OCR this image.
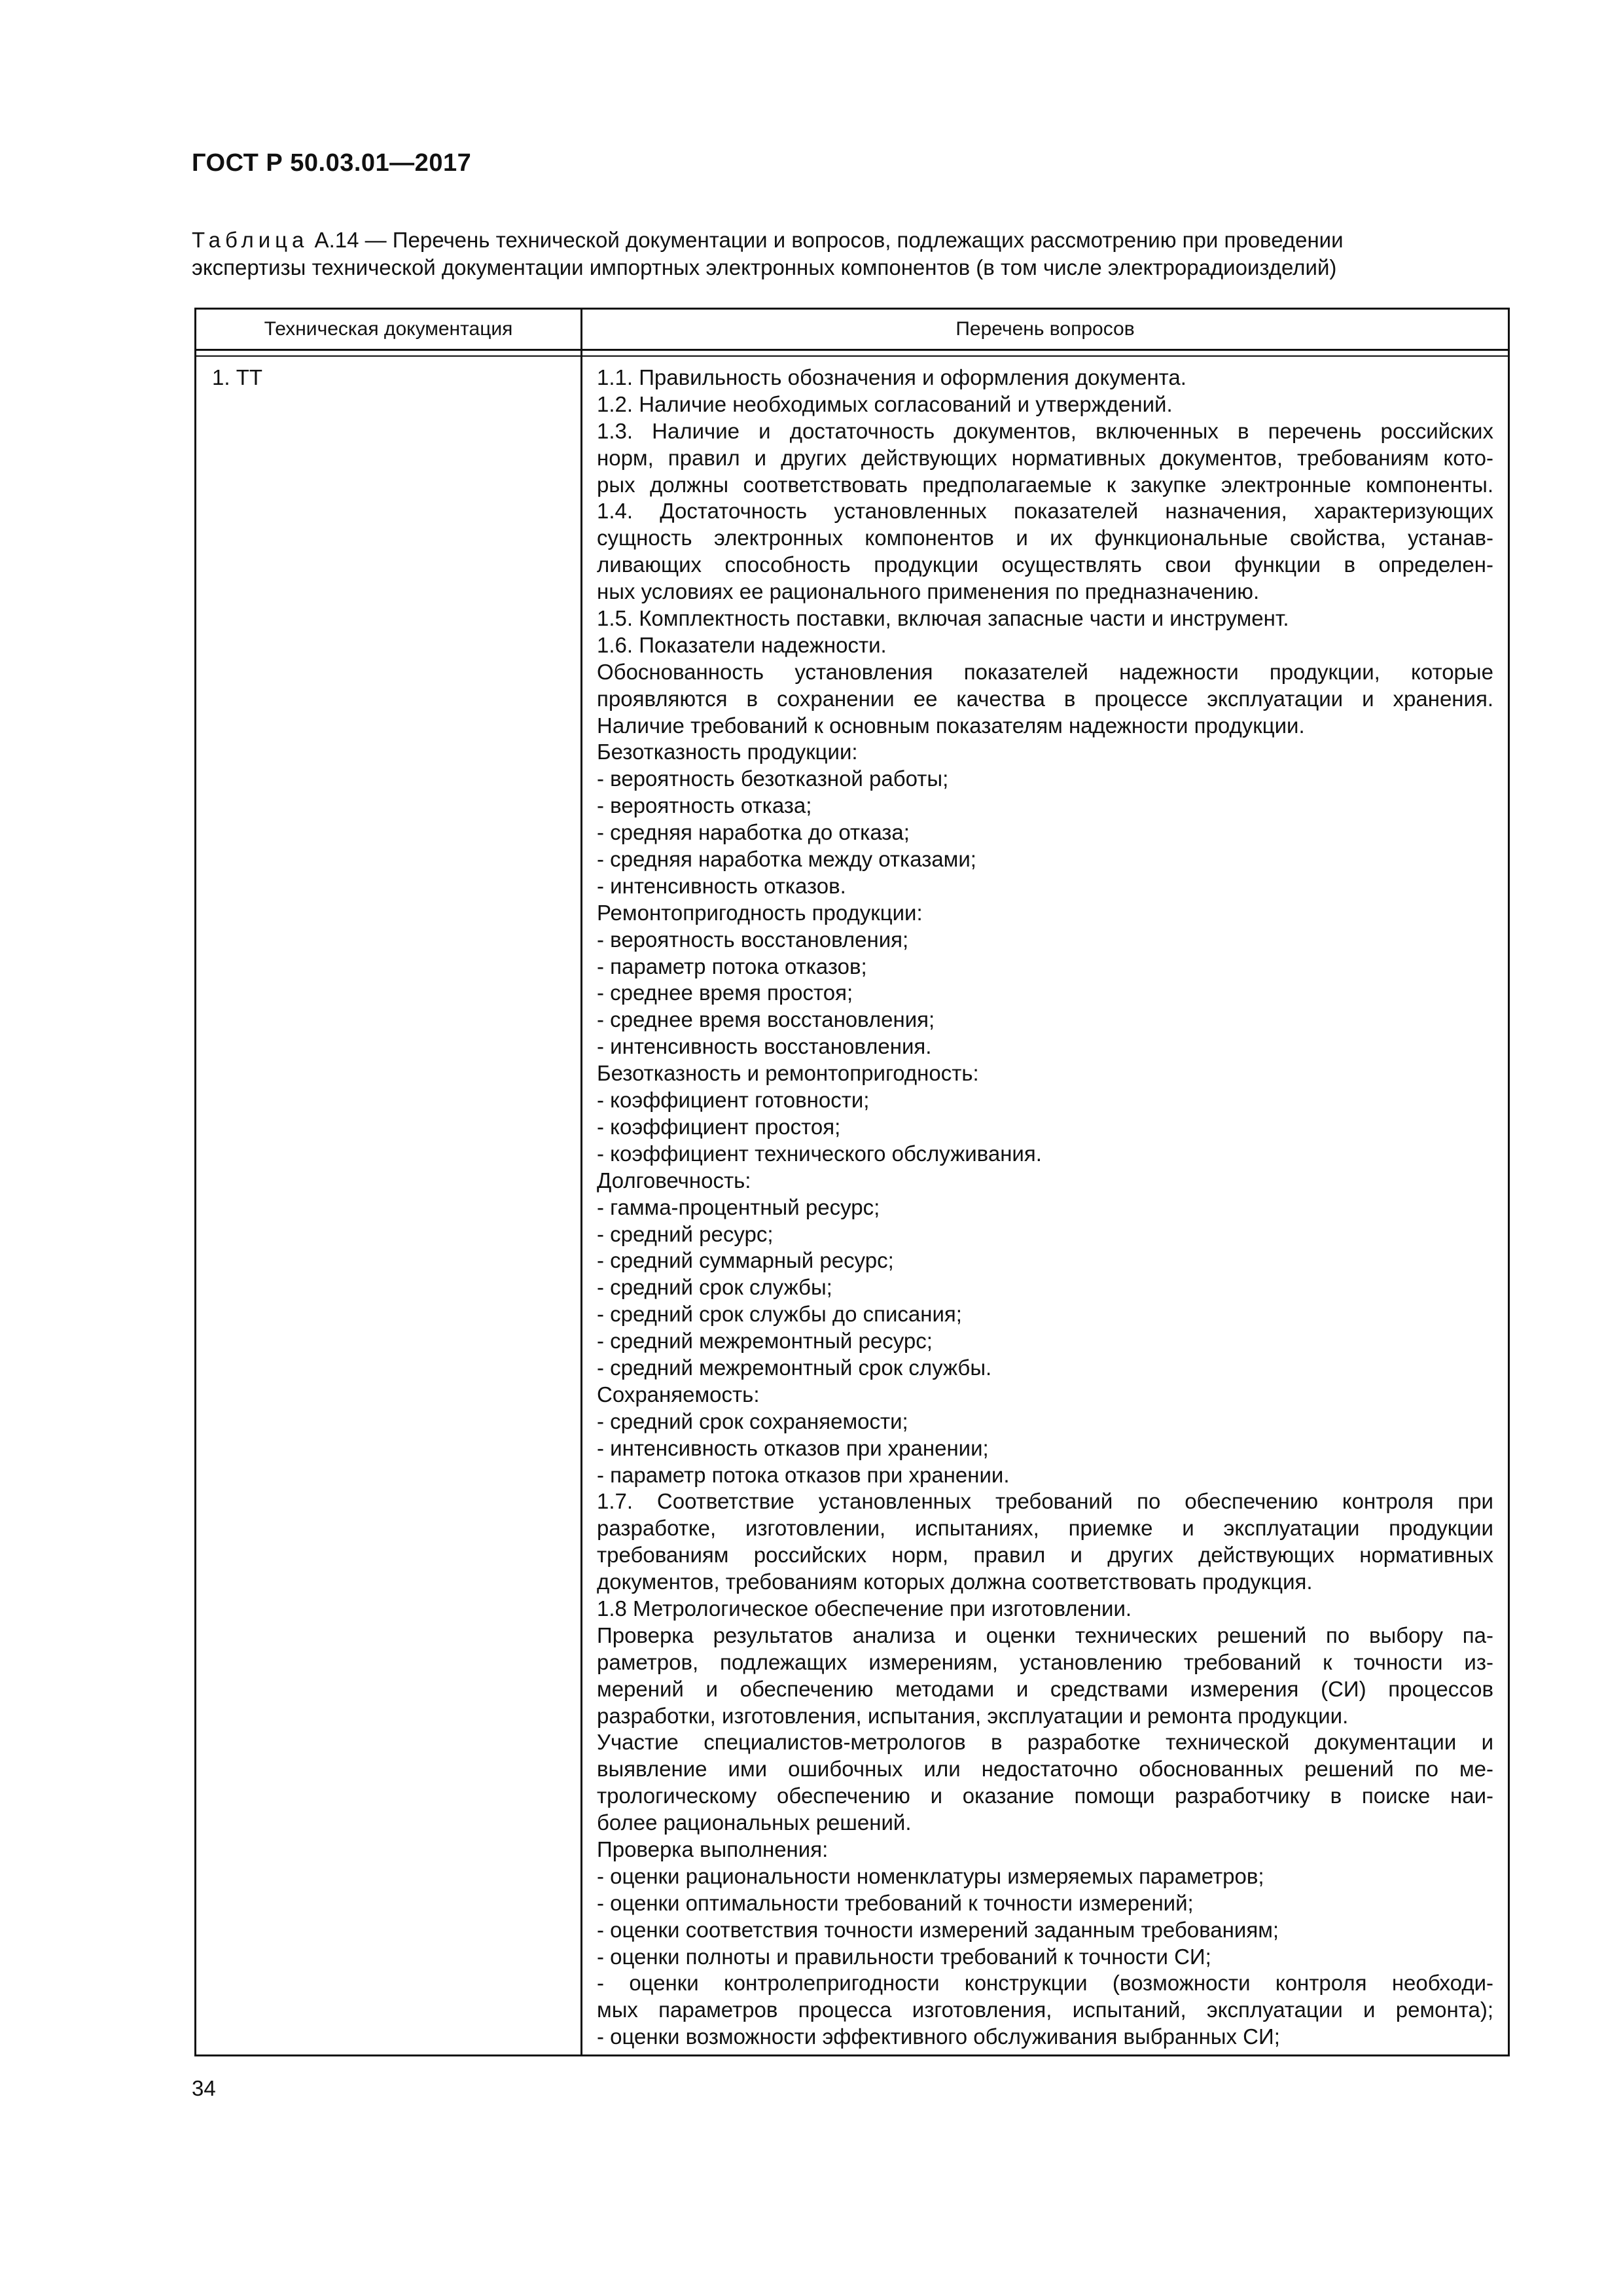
ГОСТ Р 50.03.01—2017
Таблица А.14 — Перечень технической документации и вопросов, подлежащих рассмотрению при проведении
экспертизы технической документации импортных электронных компонентов (в том числе электрорадиоизделий)
Техническая документация	Перечень вопросов
1. ТТ	1.1. Правильность обозначения и оформления документа.
1.2. Наличие необходимых согласований и утверждений.
1.3. Наличие и достаточность документов, включенных в перечень российских
норм, правил и других действующих нормативных документов, требованиям кото-
рых должны соответствовать предполагаемые к закупке электронные компоненты.
1.4. Достаточность установленных показателей назначения, характеризующих
сущность электронных компонентов и их функциональные свойства, устанав-
ливающих способность продукции осуществлять свои функции в определен-
ных условиях ее рационального применения по предназначению.
1.5. Комплектность поставки, включая запасные части и инструмент.
1.6. Показатели надежности.
Обоснованность установления показателей надежности продукции, которые
проявляются в сохранении ее качества в процессе эксплуатации и хранения.
Наличие требований к основным показателям надежности продукции.
Безотказность продукции:
- вероятность безотказной работы;
- вероятность отказа;
- средняя наработка до отказа;
- средняя наработка между отказами;
- интенсивность отказов.
Ремонтопригодность продукции:
- вероятность восстановления;
- параметр потока отказов;
- среднее время простоя;
- среднее время восстановления;
- интенсивность восстановления.
Безотказность и ремонтопригодность:
- коэффициент готовности;
- коэффициент простоя;
- коэффициент технического обслуживания.
Долговечность:
- гамма-процентный ресурс;
- средний ресурс;
- средний суммарный ресурс;
- средний срок службы;
- средний срок службы до списания;
- средний межремонтный ресурс;
- средний межремонтный срок службы.
Сохраняемость:
- средний срок сохраняемости;
- интенсивность отказов при хранении;
- параметр потока отказов при хранении.
1.7. Соответствие установленных требований по обеспечению контроля при
разработке, изготовлении, испытаниях, приемке и эксплуатации продукции
требованиям российских норм, правил и других действующих нормативных
документов, требованиям которых должна соответствовать продукция.
1.8 Метрологическое обеспечение при изготовлении.
Проверка результатов анализа и оценки технических решений по выбору па-
раметров, подлежащих измерениям, установлению требований к точности из-
мерений и обеспечению методами и средствами измерения (СИ) процессов
разработки, изготовления, испытания, эксплуатации и ремонта продукции.
Участие специалистов-метрологов в разработке технической документации и
выявление ими ошибочных или недостаточно обоснованных решений по ме-
трологическому обеспечению и оказание помощи разработчику в поиске наи-
более рациональных решений.
Проверка выполнения:
- оценки рациональности номенклатуры измеряемых параметров;
- оценки оптимальности требований к точности измерений;
- оценки соответствия точности измерений заданным требованиям;
- оценки полноты и правильности требований к точности СИ;
- оценки контролепригодности конструкции (возможности контроля необходи-
мых параметров процесса изготовления, испытаний, эксплуатации и ремонта);
- оценки возможности эффективного обслуживания выбранных СИ;
34
